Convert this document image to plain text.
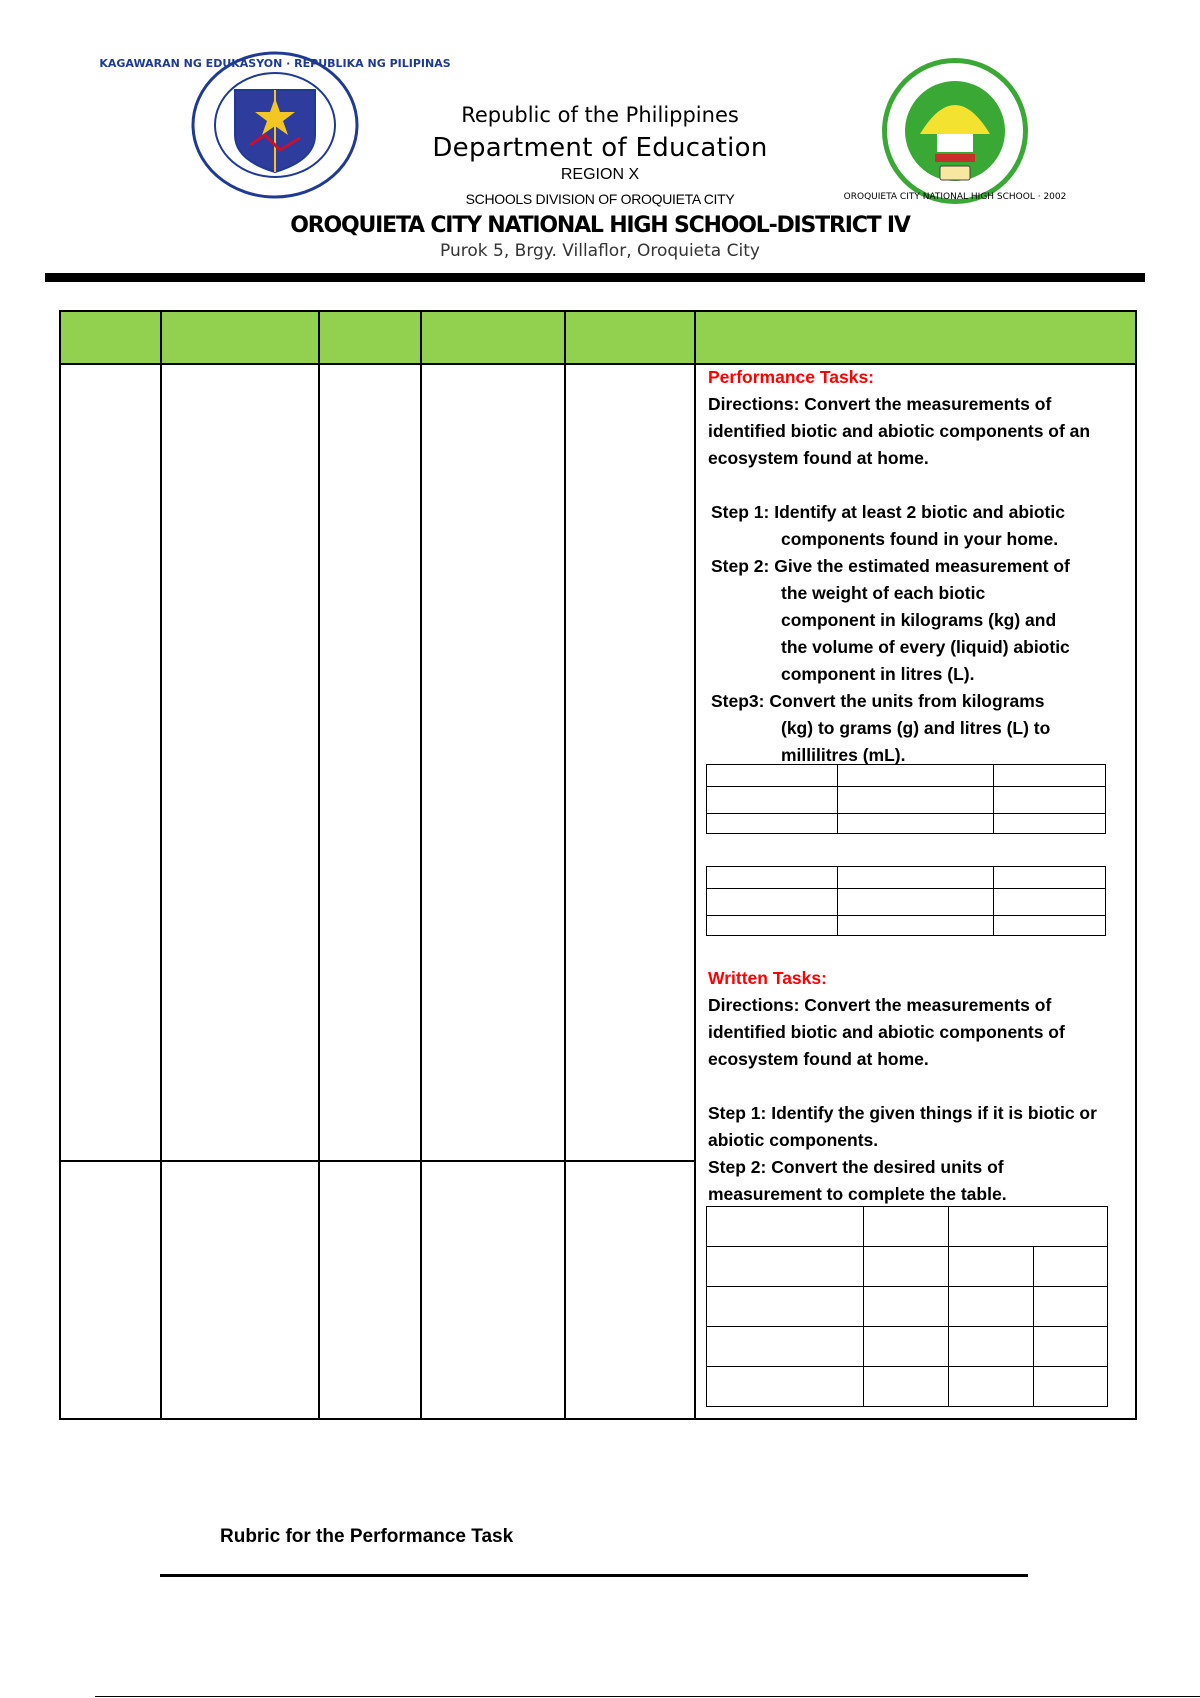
KAGAWARAN NG EDUKASYON · REPUBLIKA NG PILIPINAS
OROQUIETA CITY NATIONAL HIGH SCHOOL · 2002
Republic of the Philippines
Department of Education
REGION X
SCHOOLS DIVISION OF OROQUIETA CITY
OROQUIETA CITY NATIONAL HIGH SCHOOL-DISTRICT IV
Purok 5, Brgy. Villaflor, Oroquieta City
Performance Tasks:
Directions: Convert the measurements of identified biotic and abiotic components of an ecosystem found at home.
Step 1: Identify at least 2 biotic and abiotic
components found in your home.
Step 2: Give the estimated measurement of
the weight of each biotic
component in kilograms (kg) and
the volume of every (liquid) abiotic
component in litres (L).
Step3: Convert the units from kilograms
(kg) to grams (g) and litres (L) to
millilitres (mL).

Written Tasks:
Directions: Convert the measurements of identified biotic and abiotic components of ecosystem found at home.
Step 1: Identify the given things if it is biotic or abiotic components.
Step 2: Convert the desired units of measurement to complete the table.

Rubric for the Performance Task
